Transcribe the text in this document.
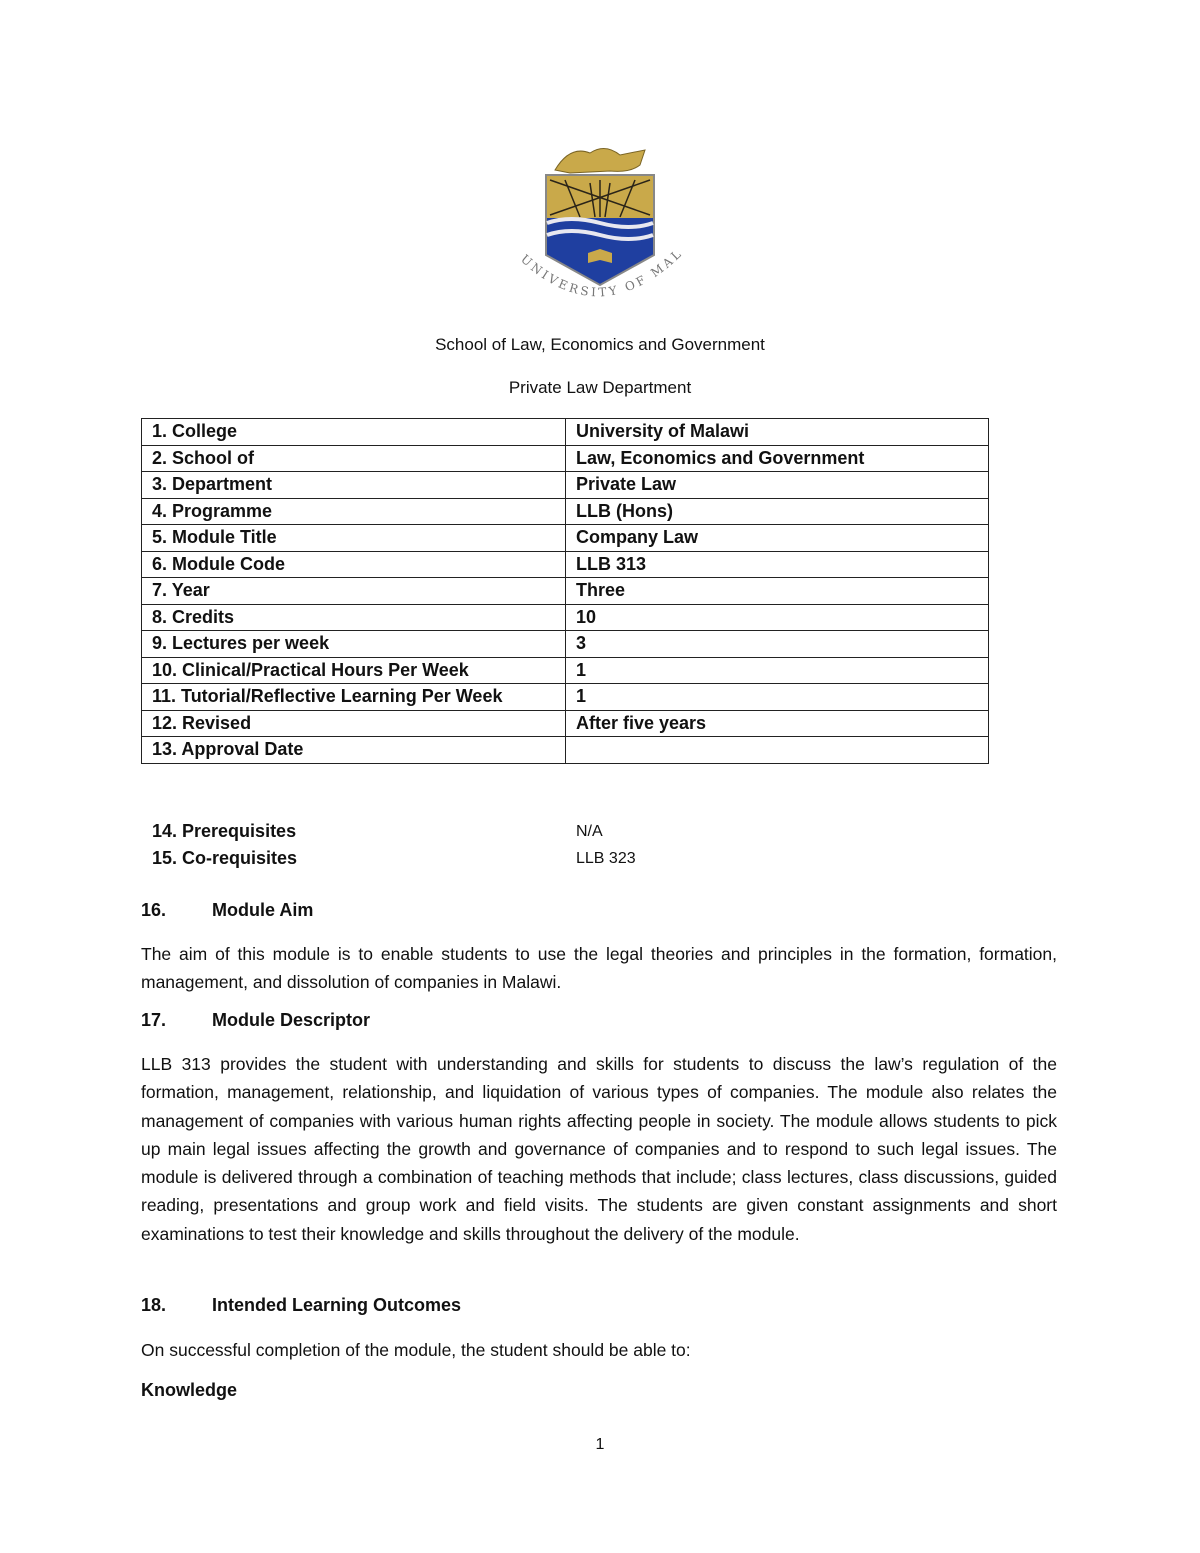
UNIVERSITY OF MAL
School of Law, Economics and Government
Private Law Department
1. College	University of Malawi
2. School of	Law, Economics and Government
3. Department	Private Law
4. Programme	LLB (Hons)
5. Module Title	Company Law
6. Module Code	LLB 313
7. Year	Three
8. Credits	10
9. Lectures per week	3
10. Clinical/Practical Hours Per Week	1
11. Tutorial/Reflective Learning Per Week	1
12. Revised	After five years
13. Approval Date	
14. Prerequisites	N/A
15. Co-requisites	LLB 323
16.	Module Aim
The aim of this module is to enable students to use the legal theories and principles in the formation, formation, management, and dissolution of companies in Malawi.
17.	Module Descriptor
LLB 313 provides the student with understanding and skills for students to discuss the law’s regulation of the formation, management, relationship, and liquidation of various types of companies. The module also relates the management of companies with various human rights affecting people in society. The module allows students to pick up main legal issues affecting the growth and governance of companies and to respond to such legal issues. The module is delivered through a combination of teaching methods that include; class lectures, class discussions, guided reading, presentations and group work and field visits. The students are given constant assignments and short examinations to test their knowledge and skills throughout the delivery of the module.
18.	Intended Learning Outcomes
On successful completion of the module, the student should be able to:
Knowledge
1
